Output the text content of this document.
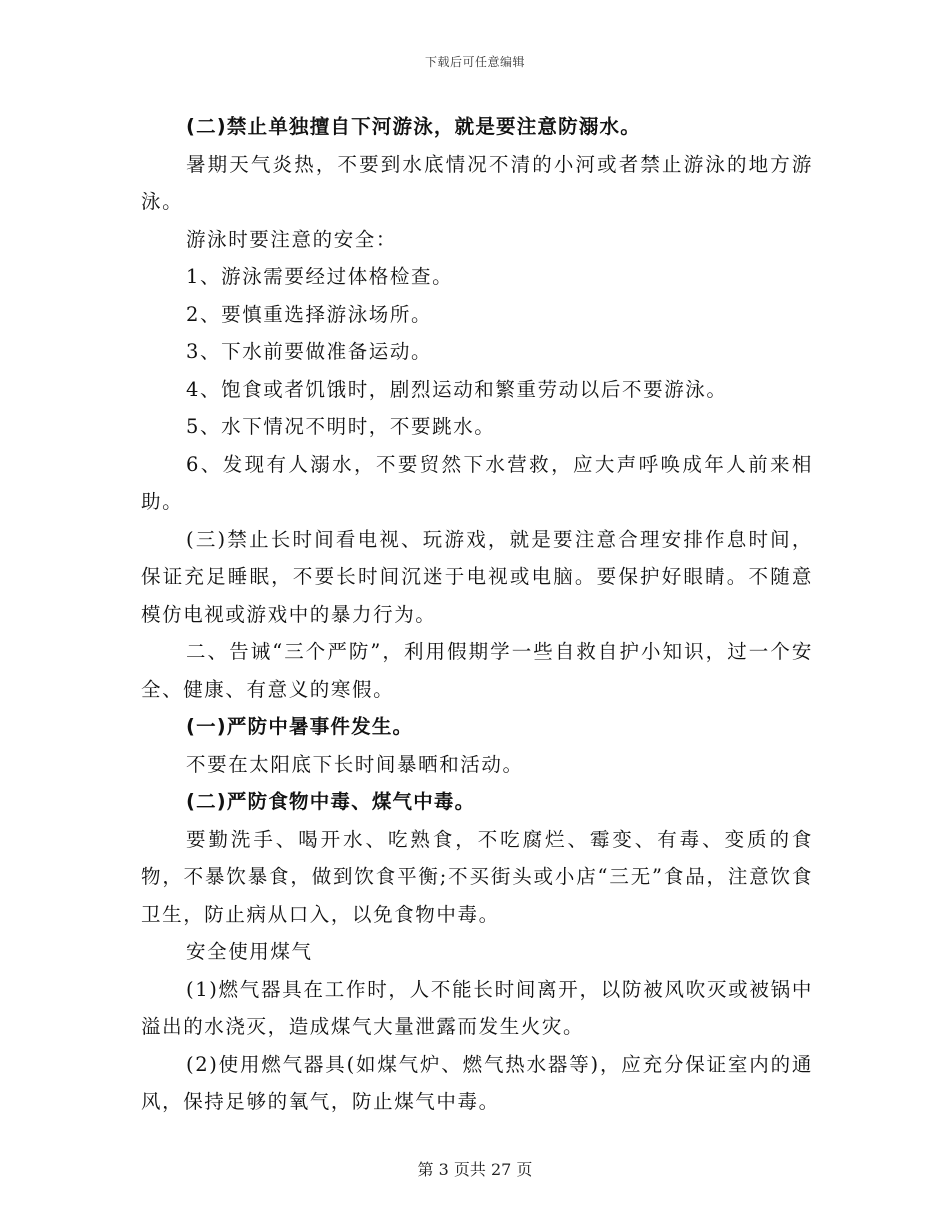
下载后可任意编辑

(二)禁止单独擅自下河游泳，就是要注意防溺水。

暑期天气炎热，不要到水底情况不清的小河或者禁止游泳的地方游泳。

游泳时要注意的安全：

1、游泳需要经过体格检查。

2、要慎重选择游泳场所。

3、下水前要做准备运动。

4、饱食或者饥饿时，剧烈运动和繁重劳动以后不要游泳。

5、水下情况不明时，不要跳水。

6、发现有人溺水，不要贸然下水营救，应大声呼唤成年人前来相助。

(三)禁止长时间看电视、玩游戏，就是要注意合理安排作息时间，保证充足睡眠，不要长时间沉迷于电视或电脑。要保护好眼睛。不随意模仿电视或游戏中的暴力行为。

二、告诫“三个严防”，利用假期学一些自救自护小知识，过一个安全、健康、有意义的寒假。

(一)严防中暑事件发生。

不要在太阳底下长时间暴晒和活动。

(二)严防食物中毒、煤气中毒。

要勤洗手、喝开水、吃熟食，不吃腐烂、霉变、有毒、变质的食物，不暴饮暴食，做到饮食平衡;不买街头或小店“三无”食品，注意饮食卫生，防止病从口入，以免食物中毒。

安全使用煤气

(1)燃气器具在工作时，人不能长时间离开，以防被风吹灭或被锅中溢出的水浇灭，造成煤气大量泄露而发生火灾。

(2)使用燃气器具(如煤气炉、燃气热水器等)，应充分保证室内的通风，保持足够的氧气，防止煤气中毒。

第 3 页共 27 页
